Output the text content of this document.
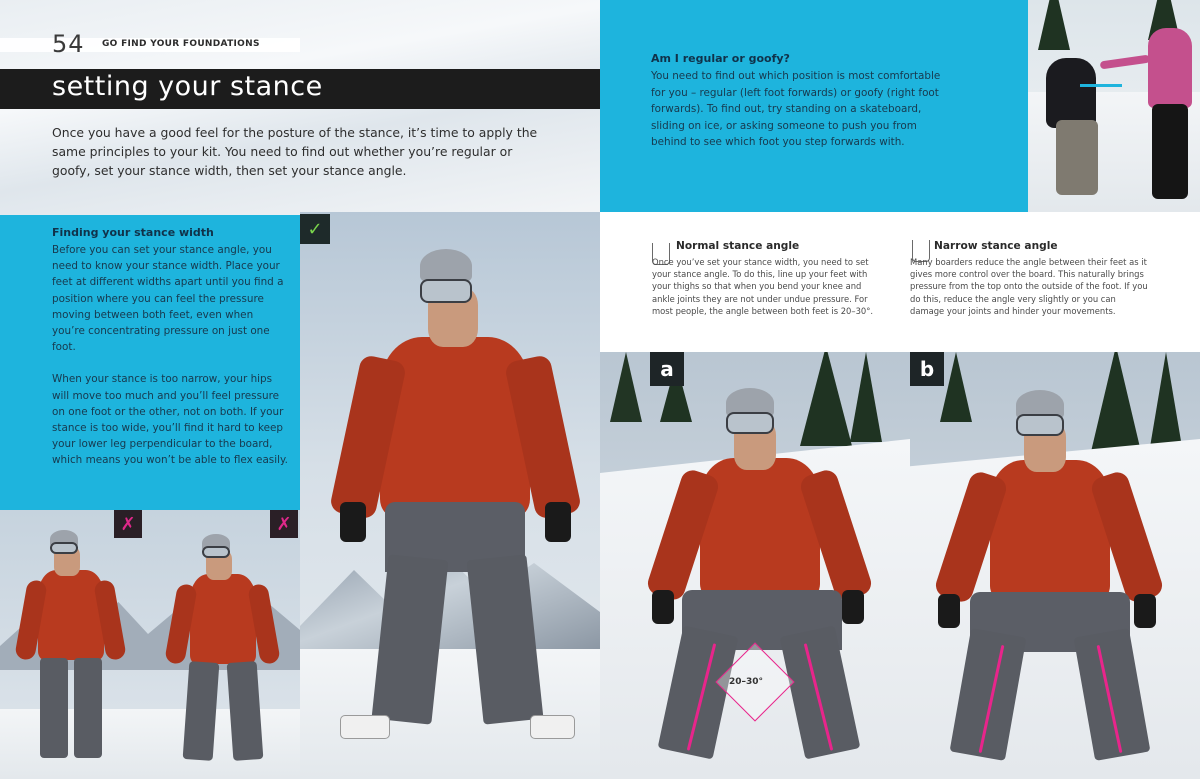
54 GO FIND YOUR FOUNDATIONS
setting your stance
Once you have a good feel for the posture of the stance, it’s time to apply the same principles to your kit. You need to find out whether you’re regular or goofy, set your stance width, then set your stance angle.
Finding your stance width

Before you can set your stance angle, you need to know your stance width. Place your feet at different widths apart until you find a position where you can feel the pressure moving between both feet, even when you’re concentrating pressure on just one foot.

When your stance is too narrow, your hips will move too much and you’ll feel pressure on one foot or the other, not on both. If your stance is too wide, you’ll find it hard to keep your lower leg perpendicular to the board, which means you won’t be able to flex easily.

✓
✗	✗
Am I regular or goofy?
You need to find out which position is most comfortable for you – regular (left foot forwards) or goofy (right foot forwards). To find out, try standing on a skateboard, sliding on ice, or asking someone to push you from behind to see which foot you step forwards with.
Normal stance angle
Once you’ve set your stance width, you need to set your stance angle. To do this, line up your feet with your thighs so that when you bend your knee and ankle joints they are not under undue pressure. For most people, the angle between both feet is 20–30°.
Narrow stance angle
Many boarders reduce the angle between their feet as it gives more control over the board. This naturally brings pressure from the top onto the outside of the foot. If you do this, reduce the angle very slightly or you can damage your joints and hinder your movements.
20–30°
a	b
